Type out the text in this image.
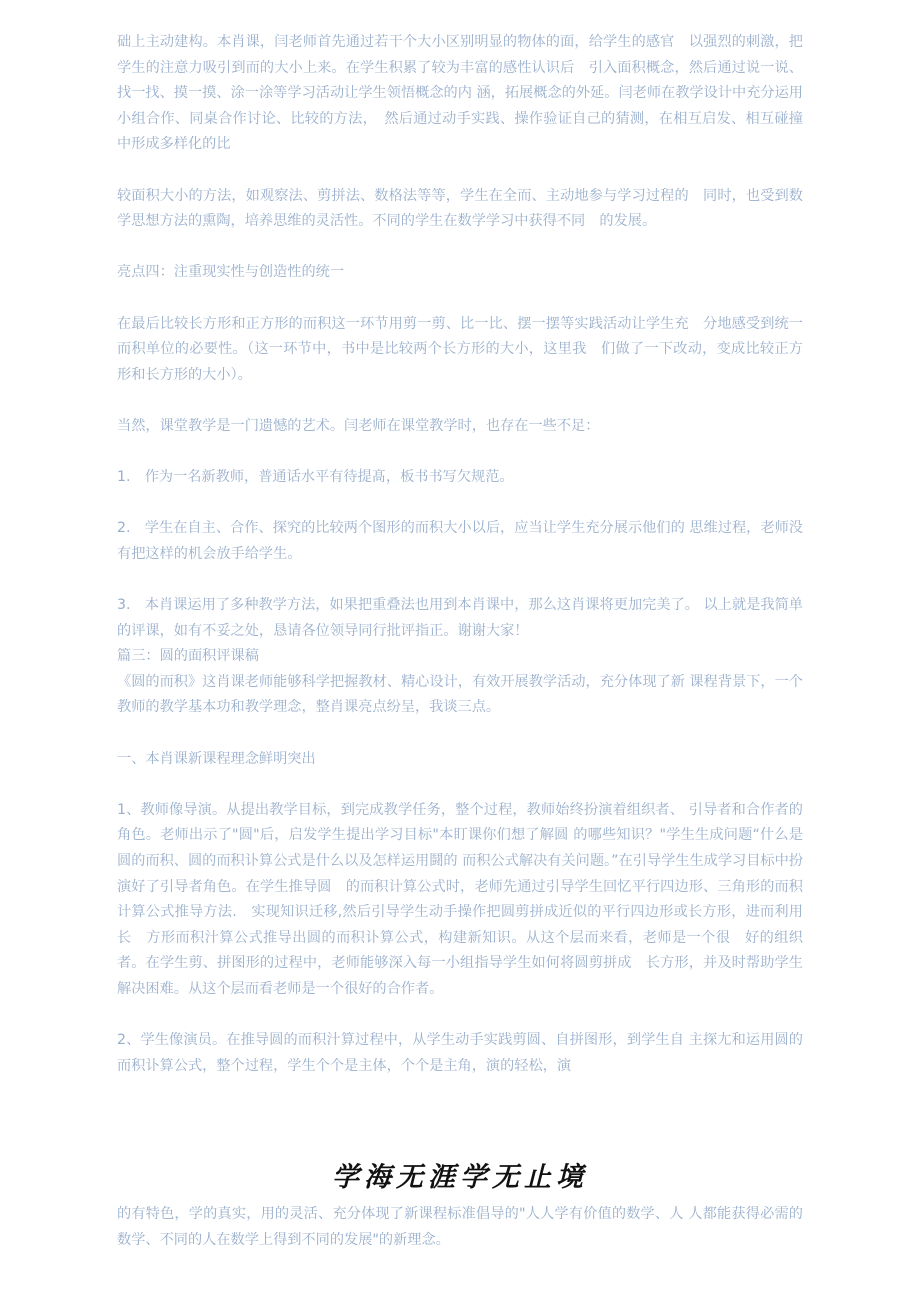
础上主动建构。本肖课，闫老师首先通过若干个大小区别明显的物体的面，给学生的感官　以强烈的刺激，把学生的注意力吸引到而的大小上来。在学生积累了较为丰富的感性认识后　引入面积概念，然后通过说一说、找一找、摸一摸、涂一涂等学习活动让学生领悟概念的内 涵，拓展概念的外延。闫老师在教学设计中充分运用小组合作、同桌合作讨论、比较的方法，　然后通过动手实践、操作验证自己的猜测，在相互启发、相互碰撞中形成多样化的比

较面积大小的方法，如观察法、剪拼法、数格法等等，学生在全而、主动地参与学习过程的　同时，也受到数学思想方法的熏陶，培养思维的灵活性。不同的学生在数学学习中获得不同　的发展。

亮点四：注重现实性与创造性的统一

在最后比较长方形和正方形的而积这一环节用剪一剪、比一比、摆一摆等实践活动让学生充　分地感受到统一而积单位的必要性。（这一环节中，书中是比较两个长方形的大小，这里我　们做了一下改动，变成比较正方形和长方形的大小）。

当然，课堂教学是一门遗憾的艺术。闫老师在课堂教学时，也存在一些不足：

1.　作为一名新教师，普通话水平有待提髙，板书书写欠规范。

2.　学生在自主、合作、探究的比较两个图形的而积大小以后，应当让学生充分展示他们的 思维过程，老师没有把这样的机会放手给学生。

3.　本肖课运用了多种教学方法，如果把重叠法也用到本肖课中，那么这肖课将更加完美了。 以上就是我简单的评课，如有不妥之处，恳请各位领导同行批评指正。谢谢大家！

篇三：圆的面积评课稿

《圆的而积》这肖课老师能够科学把握教材、精心设计，有效开展教学活动，充分体现了新 课程背景下，一个教师的教学基本功和教学理念，整肖课亮点纷呈，我谈三点。

一、本肖课新课程理念鲜明突出

1、教师像导演。从提出教学目标，到完成教学任务，整个过程，教师始终扮演着组织者、 引导者和合作者的角色。老师出示了"圆"后，启发学生提出学习目标"本盯课你们想了解圆 的哪些知识？"学生生成问题“什么是圆的而积、圆的而积讣算公式是什么以及怎样运用鬪的 而积公式解决有关问题。”在引导学生生成学习目标中扮演好了引导者角色。在学生推导圆　的而积计算公式时，老师先通过引导学生回忆平行四边形、三角形的而积计算公式推导方法.　实现知识迁移,然后引导学生动手操作把圆剪拼成近似的平行四边形或长方形，进而利用长　方形而积汁算公式推导出圆的而积讣算公式，构建新知识。从这个层而来看，老师是一个很　好的组织者。在学生剪、拼图形的过程中，老师能够深入每一小组指导学生如何将圆剪拼成　长方形，并及时帮助学生解决困难。从这个层而看老师是一个很好的合作者。

2、学生像演员。在推导圆的而积汁算过程中，从学生动手实践剪圆、自拼图形，到学生自 主探尢和运用圆的而积讣算公式，整个过程，学生个个是主体，个个是主角，演的轻松，演

学海无涯学无止境

的有特色，学的真实，用的灵活、充分体现了新课程标准倡导的"人人学有价值的数学、人 人都能获得必需的数学、不同的人在数学上得到不同的发展"的新理念。
